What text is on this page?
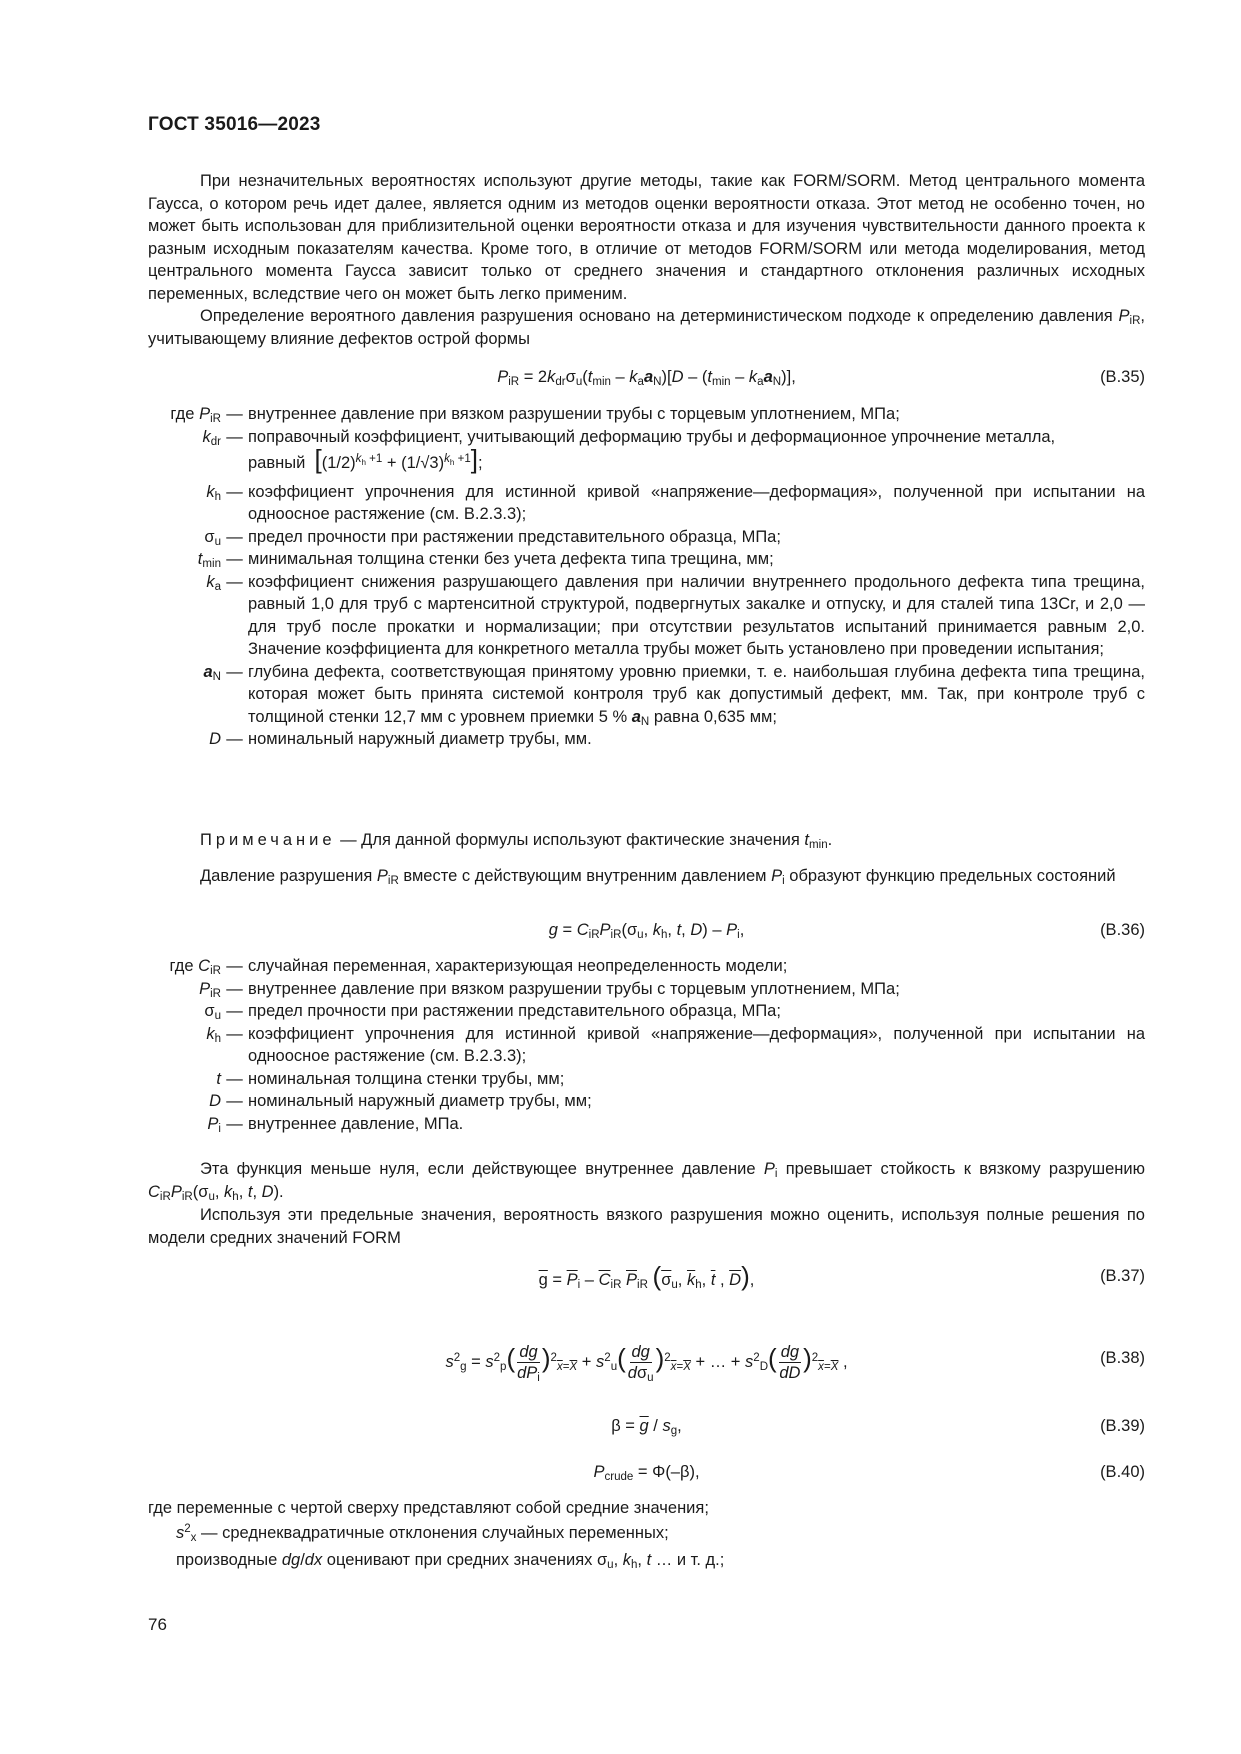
ГОСТ 35016—2023
При незначительных вероятностях используют другие методы, такие как FORM/SORM. Метод центрального момента Гаусса, о котором речь идет далее, является одним из методов оценки вероятности отказа. Этот метод не особенно точен, но может быть использован для приблизительной оценки вероятности отказа и для изучения чувствительности данного проекта к разным исходным показателям качества. Кроме того, в отличие от методов FORM/SORM или метода моделирования, метод центрального момента Гаусса зависит только от среднего значения и стандартного отклонения различных исходных переменных, вследствие чего он может быть легко применим.
Определение вероятного давления разрушения основано на детерминистическом подходе к определению давления $P_{iR}$, учитывающему влияние дефектов острой формы
$P_{iR} = 2k_{dr}\sigma_u(t_{min} - k_aa_N)[D - (t_{min} - k_aa_N)]$,	(В.35)
где $P_{iR}$ — внутреннее давление при вязком разрушении трубы с торцевым уплотнением, МПа;
$k_{dr}$ — поправочный коэффициент, учитывающий деформацию трубы и деформационное упрочнение металла,
равный $[(1/2)^{k_h +1} + (1/√3)^{k_h +1}]$;
$k_h$ — коэффициент упрочнения для истинной кривой «напряжение—деформация», полученной при испытании на одноосное растяжение (см. В.2.3.3);
$\sigma_u$ — предел прочности при растяжении представительного образца, МПа;
$t_{min}$ — минимальная толщина стенки без учета дефекта типа трещина, мм;
$k_a$ — коэффициент снижения разрушающего давления при наличии внутреннего продольного дефекта типа трещина, равный 1,0 для труб с мартенситной структурой, подвергнутых закалке и отпуску, и для сталей типа 13Cr, и 2,0 — для труб после прокатки и нормализации; при отсутствии результатов испытаний принимается равным 2,0. Значение коэффициента для конкретного металла трубы может быть установлено при проведении испытания;
$a_N$ — глубина дефекта, соответствующая принятому уровню приемки, т. е. наибольшая глубина дефекта типа трещина, которая может быть принята системой контроля труб как допустимый дефект, мм. Так, при контроле труб с толщиной стенки 12,7 мм с уровнем приемки 5 % $a_N$ равна 0,635 мм;
D — номинальный наружный диаметр трубы, мм.
Примечание — Для данной формулы используют фактические значения $t_{min}$.
Давление разрушения $P_{iR}$ вместе с действующим внутренним давлением $P_i$ образуют функцию предельных состояний
$g = C_{iR}P_{iR}(\sigma_u$, $k_h$, t, $D) - P_i$,	(В.36)
где $C_{iR}$ — случайная переменная, характеризующая неопределенность модели;
$P_{iR}$ — внутреннее давление при вязком разрушении трубы с торцевым уплотнением, МПа;
$\sigma_u$ — предел прочности при растяжении представительного образца, МПа;
$k_h$ — коэффициент упрочнения для истинной кривой «напряжение—деформация», полученной при испытании на одноосное растяжение (см. В.2.3.3);
t — номинальная толщина стенки трубы, мм;
D — номинальный наружный диаметр трубы, мм;
$P_i$ — внутреннее давление, МПа.
Эта функция меньше нуля, если действующее внутреннее давление $P_i$ превышает стойкость к вязкому разрушению $C_{iR}P_{iR}(\sigma_u$, $k_h$, t, D).
Используя эти предельные значения, вероятность вязкого разрушения можно оценить, используя полные решения по модели средних значений FORM
$\overline{g} = \overline{P}_i - \overline{C}_{iR}$ $\overline{P}_{iR}$ ($\overline{\sigma}_u$, $\overline{k}_h$, $\overline{t}$ , $\overline{D}$),	(В.37)
$s^2_g = s^2_p( \frac{dg}{dP_i} )^2_{\overline{x}=\overline{X}} + s^2_u( \frac{dg}{d\sigma_u} )^2_{\overline{x}=\overline{X}}$ + … + $s^2_D( \frac{dg}{dD} )^2_{\overline{x}=\overline{X}}$ ,	(В.38)
$\beta = \overline{g} / s_g$,	(В.39)
$P_{crude} = \Phi(-\beta)$,	(В.40)
где переменные с чертой сверху представляют собой средние значения;
$s^2_x$ — среднеквадратичные отклонения случайных переменных;
производные dg/dx оценивают при средних значениях $\sigma_u$, $k_h$, t … и т. д.;
76
